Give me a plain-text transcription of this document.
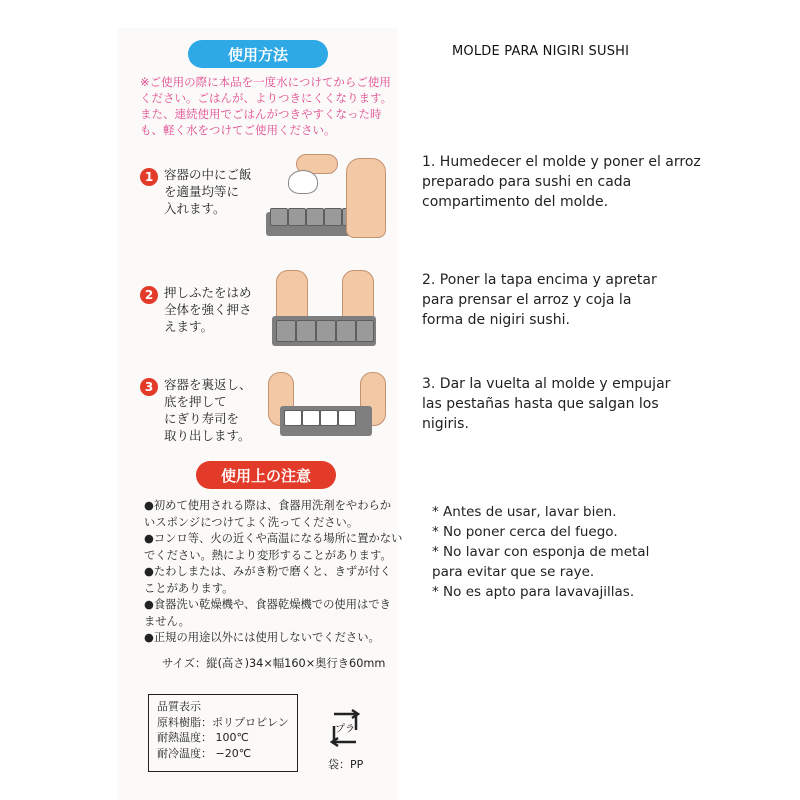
使用方法
※ご使用の際に本品を一度水につけてからご使用
ください。ごはんが、よりつきにくくなります。
また、連続使用でごはんがつきやすくなった時
も、軽く水をつけてご使用ください。
1 容器の中にご飯
を適量均等に
入れます。
2 押しふたをはめ
全体を強く押さ
えます。
3 容器を裏返し、
底を押して
にぎり寿司を
取り出します。
使用上の注意
●初めて使用される際は、食器用洗剤をやわらか
いスポンジにつけてよく洗ってください。
●コンロ等、火の近くや高温になる場所に置かない
でください。熱により変形することがあります。
●たわしまたは、みがき粉で磨くと、きずが付く
ことがあります。
●食器洗い乾燥機や、食器乾燥機での使用はでき
ません。
●正規の用途以外には使用しないでください。
サイズ：縦(高さ)34×幅160×奥行き60mm
品質表示
原料樹脂：ポリプロピレン
耐熱温度： 100℃
耐冷温度： −20℃
プラ
袋：PP
MOLDE PARA NIGIRI SUSHI
1. Humedecer el molde y poner el arroz
preparado para sushi en cada
compartimento del molde.
2. Poner la tapa encima y apretar
para prensar el arroz y coja la
forma de nigiri sushi.
3. Dar la vuelta al molde y empujar
las pestañas hasta que salgan los
nigiris.
* Antes de usar, lavar bien.
* No poner cerca del fuego.
* No lavar con esponja de metal
para evitar que se raye.
* No es apto para lavavajillas.
